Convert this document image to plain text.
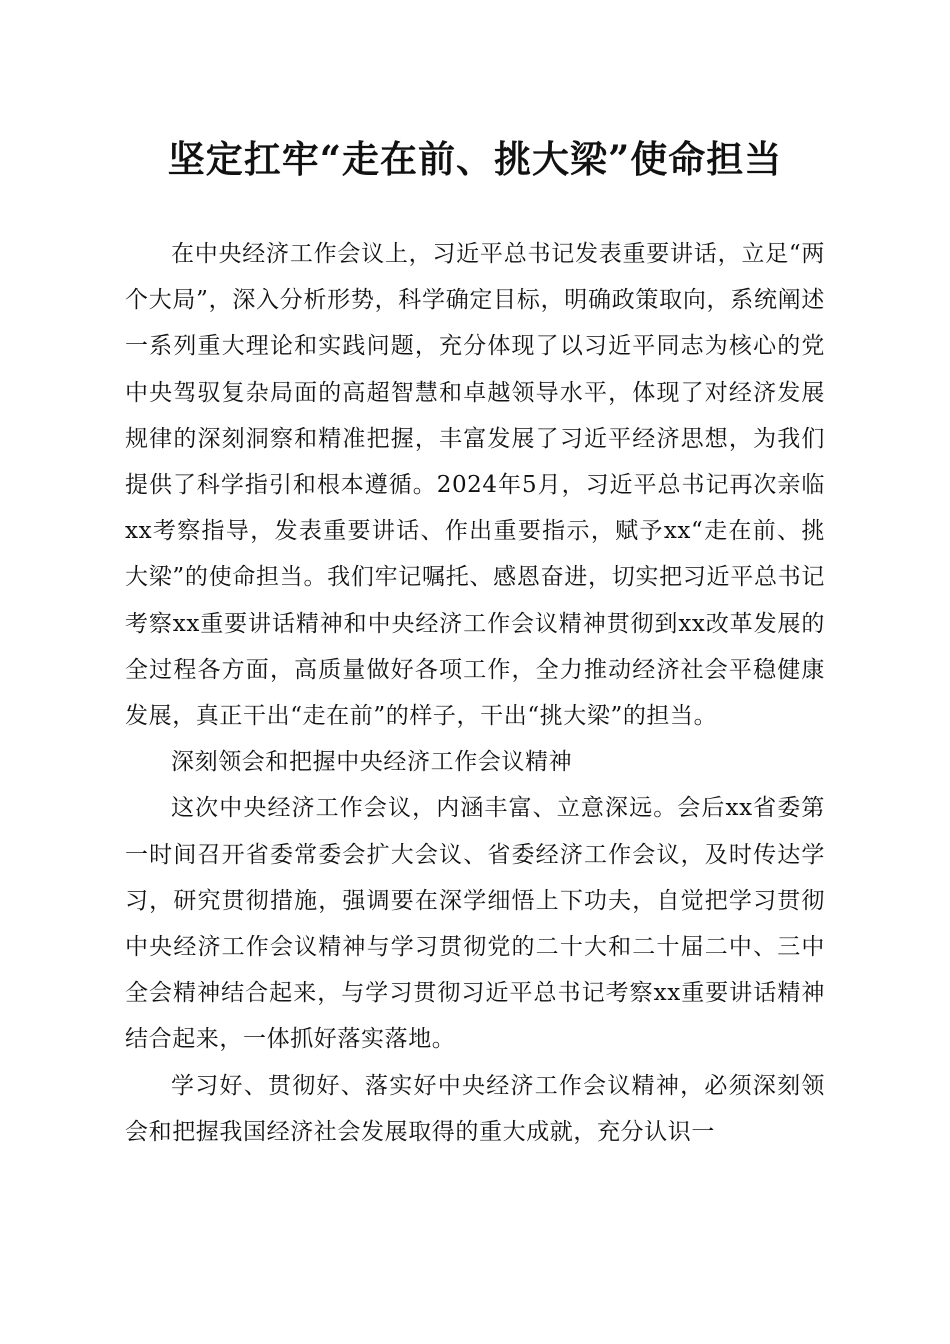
坚定扛牢“走在前、挑大梁”使命担当

在中央经济工作会议上，习近平总书记发表重要讲话，立足“两个大局”，深入分析形势，科学确定目标，明确政策取向，系统阐述一系列重大理论和实践问题，充分体现了以习近平同志为核心的党中央驾驭复杂局面的高超智慧和卓越领导水平，体现了对经济发展规律的深刻洞察和精准把握，丰富发展了习近平经济思想，为我们提供了科学指引和根本遵循。2024年5月，习近平总书记再次亲临xx考察指导，发表重要讲话、作出重要指示，赋予xx“走在前、挑大梁”的使命担当。我们牢记嘱托、感恩奋进，切实把习近平总书记考察xx重要讲话精神和中央经济工作会议精神贯彻到xx改革发展的全过程各方面，高质量做好各项工作，全力推动经济社会平稳健康发展，真正干出“走在前”的样子，干出“挑大梁”的担当。

深刻领会和把握中央经济工作会议精神

这次中央经济工作会议，内涵丰富、立意深远。会后xx省委第一时间召开省委常委会扩大会议、省委经济工作会议，及时传达学习，研究贯彻措施，强调要在深学细悟上下功夫，自觉把学习贯彻中央经济工作会议精神与学习贯彻党的二十大和二十届二中、三中全会精神结合起来，与学习贯彻习近平总书记考察xx重要讲话精神结合起来，一体抓好落实落地。

学习好、贯彻好、落实好中央经济工作会议精神，必须深刻领会和把握我国经济社会发展取得的重大成就，充分认识一
